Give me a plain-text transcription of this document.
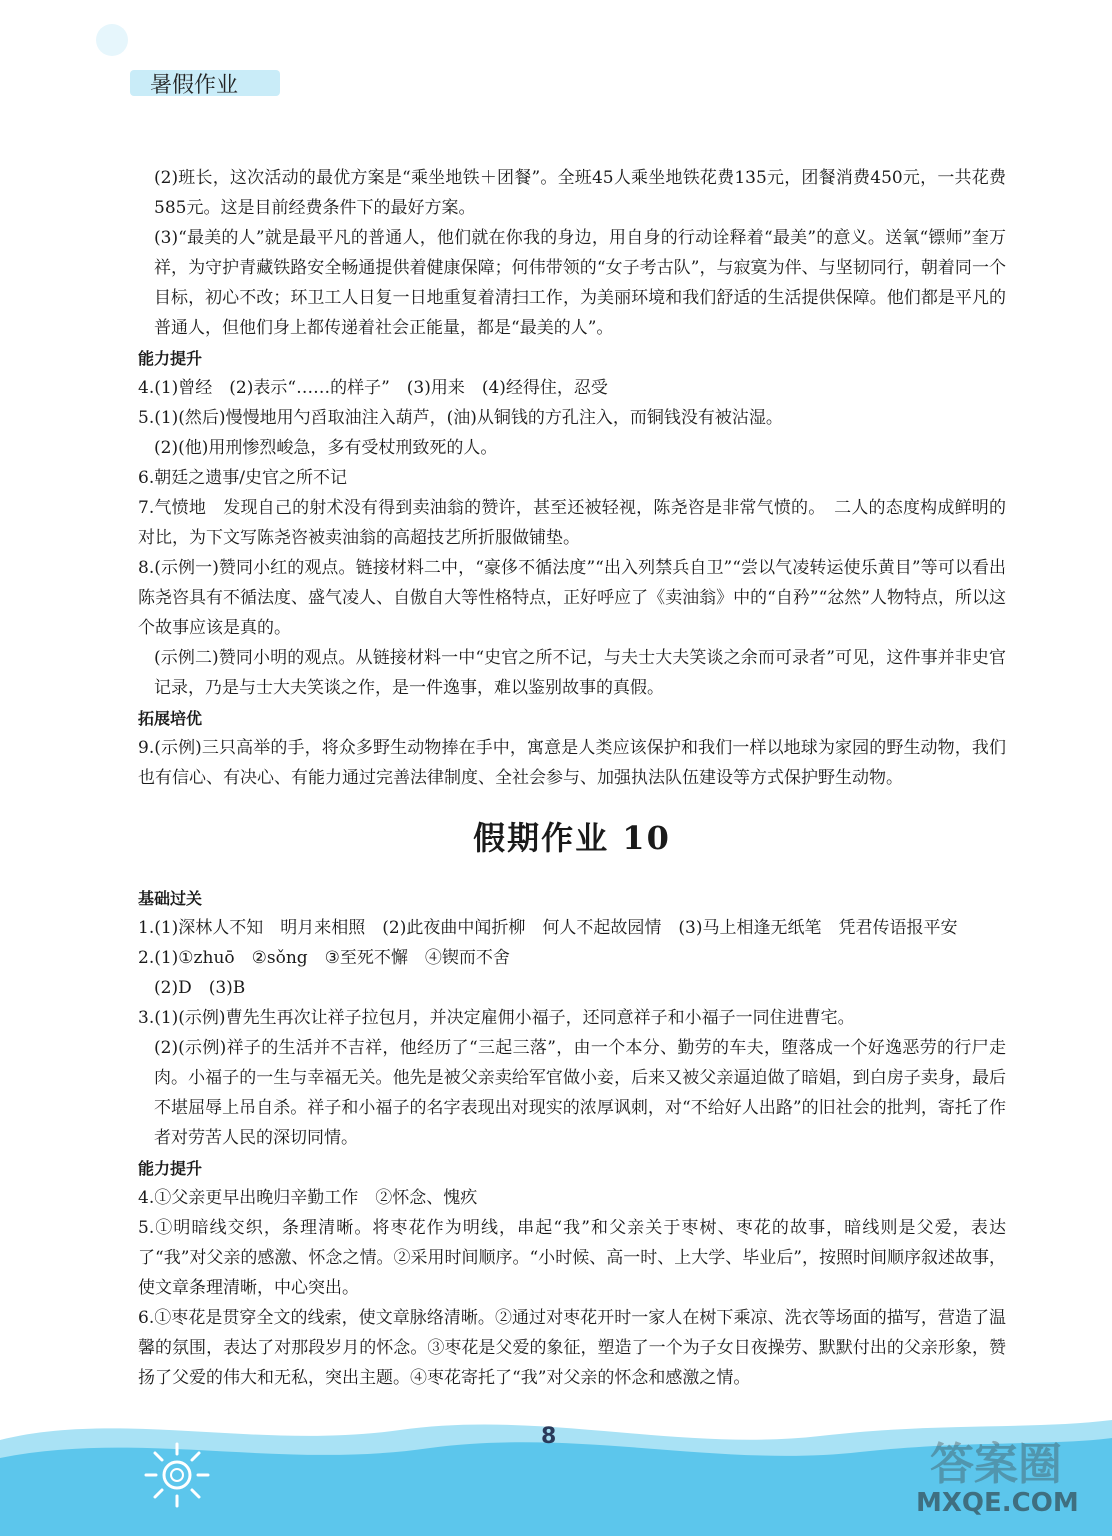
暑假作业

(2)班长，这次活动的最优方案是“乘坐地铁＋团餐”。全班45人乘坐地铁花费135元，团餐消费450元，一共花费585元。这是目前经费条件下的最好方案。

(3)“最美的人”就是最平凡的普通人，他们就在你我的身边，用自身的行动诠释着“最美”的意义。送氧“镖师”奎万祥，为守护青藏铁路安全畅通提供着健康保障；何伟带领的“女子考古队”，与寂寞为伴、与坚韧同行，朝着同一个目标，初心不改；环卫工人日复一日地重复着清扫工作，为美丽环境和我们舒适的生活提供保障。他们都是平凡的普通人，但他们身上都传递着社会正能量，都是“最美的人”。

能力提升

4.(1)曾经　(2)表示“……的样子”　(3)用来　(4)经得住，忍受

5.(1)(然后)慢慢地用勺舀取油注入葫芦，(油)从铜钱的方孔注入，而铜钱没有被沾湿。

(2)(他)用刑惨烈峻急，多有受杖刑致死的人。

6.朝廷之遗事/史官之所不记

7.气愤地　发现自己的射术没有得到卖油翁的赞许，甚至还被轻视，陈尧咨是非常气愤的。　二人的态度构成鲜明的对比，为下文写陈尧咨被卖油翁的高超技艺所折服做铺垫。

8.(示例一)赞同小红的观点。链接材料二中，“豪侈不循法度”“出入列禁兵自卫”“尝以气凌转运使乐黄目”等可以看出陈尧咨具有不循法度、盛气凌人、自傲自大等性格特点，正好呼应了《卖油翁》中的“自矜”“忿然”人物特点，所以这个故事应该是真的。

(示例二)赞同小明的观点。从链接材料一中“史官之所不记，与夫士大夫笑谈之余而可录者”可见，这件事并非史官记录，乃是与士大夫笑谈之作，是一件逸事，难以鉴别故事的真假。

拓展培优

9.(示例)三只高举的手，将众多野生动物捧在手中，寓意是人类应该保护和我们一样以地球为家园的野生动物，我们也有信心、有决心、有能力通过完善法律制度、全社会参与、加强执法队伍建设等方式保护野生动物。

假期作业 10

基础过关

1.(1)深林人不知　明月来相照　(2)此夜曲中闻折柳　何人不起故园情　(3)马上相逢无纸笔　凭君传语报平安

2.(1)①zhuō　②sǒng　③至死不懈　④锲而不舍

(2)D　(3)B

3.(1)(示例)曹先生再次让祥子拉包月，并决定雇佣小福子，还同意祥子和小福子一同住进曹宅。

(2)(示例)祥子的生活并不吉祥，他经历了“三起三落”，由一个本分、勤劳的车夫，堕落成一个好逸恶劳的行尸走肉。小福子的一生与幸福无关。他先是被父亲卖给军官做小妾，后来又被父亲逼迫做了暗娼，到白房子卖身，最后不堪屈辱上吊自杀。祥子和小福子的名字表现出对现实的浓厚讽刺，对“不给好人出路”的旧社会的批判，寄托了作者对劳苦人民的深切同情。

能力提升

4.①父亲更早出晚归辛勤工作　②怀念、愧疚

5.①明暗线交织，条理清晰。将枣花作为明线，串起“我”和父亲关于枣树、枣花的故事，暗线则是父爱，表达了“我”对父亲的感激、怀念之情。②采用时间顺序。“小时候、高一时、上大学、毕业后”，按照时间顺序叙述故事，使文章条理清晰，中心突出。

6.①枣花是贯穿全文的线索，使文章脉络清晰。②通过对枣花开时一家人在树下乘凉、洗衣等场面的描写，营造了温馨的氛围，表达了对那段岁月的怀念。③枣花是父爱的象征，塑造了一个为子女日夜操劳、默默付出的父亲形象，赞扬了父爱的伟大和无私，突出主题。④枣花寄托了“我”对父亲的怀念和感激之情。

8
答案圈
MXQE.COM
